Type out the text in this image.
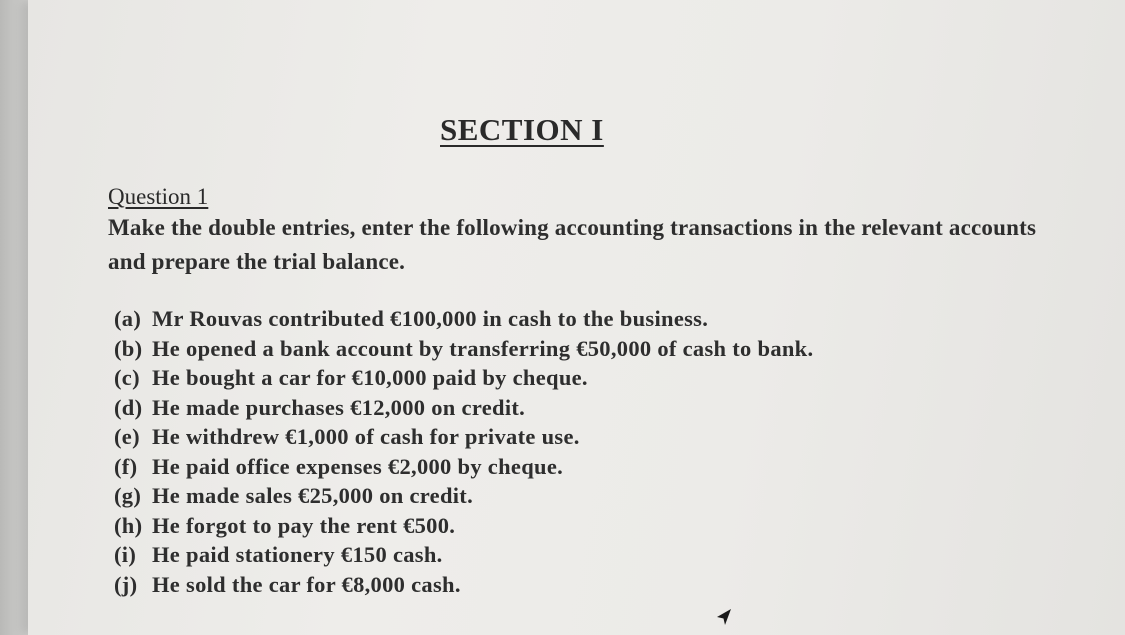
SECTION I
Question 1
Make the double entries, enter the following accounting transactions in the relevant accounts and prepare the trial balance.
(a) Mr Rouvas contributed €100,000 in cash to the business.
(b) He opened a bank account by transferring €50,000 of cash to bank.
(c) He bought a car for €10,000 paid by cheque.
(d) He made purchases €12,000 on credit.
(e) He withdrew €1,000 of cash for private use.
(f) He paid office expenses €2,000 by cheque.
(g) He made sales €25,000 on credit.
(h) He forgot to pay the rent €500.
(i) He paid stationery €150 cash.
(j) He sold the car for €8,000 cash.
